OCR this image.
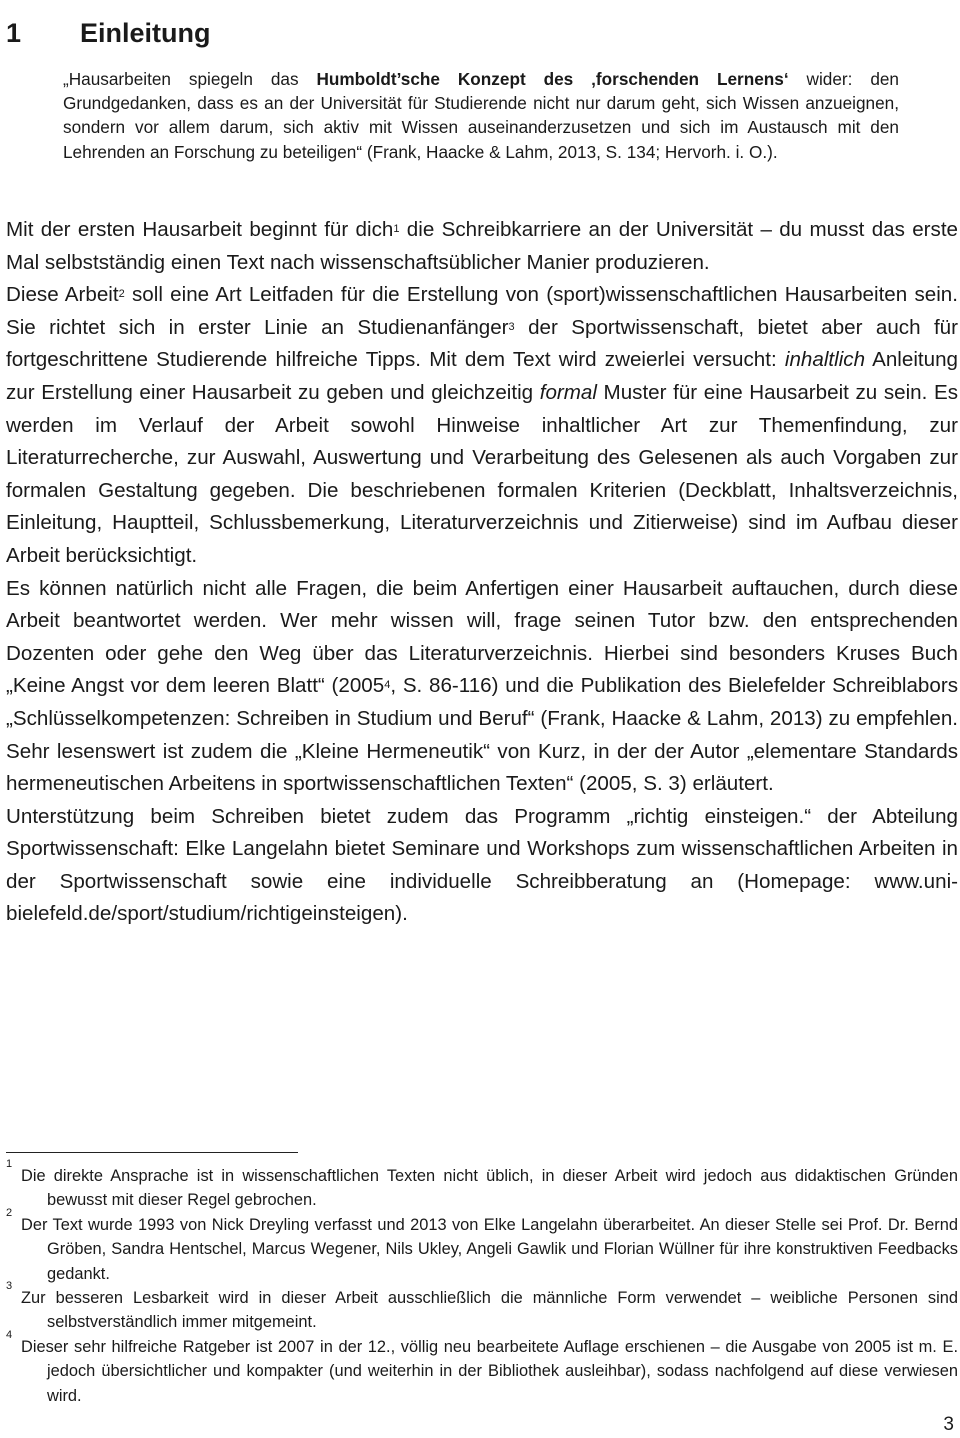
1 Einleitung

„Hausarbeiten spiegeln das Humboldt’sche Konzept des ‚forschenden Lernens‘ wider: den Grundgedanken, dass es an der Universität für Studierende nicht nur darum geht, sich Wissen anzueignen, sondern vor allem darum, sich aktiv mit Wissen auseinanderzusetzen und sich im Austausch mit den Lehrenden an Forschung zu beteiligen“ (Frank, Haacke & Lahm, 2013, S. 134; Hervorh. i. O.).

Mit der ersten Hausarbeit beginnt für dich$^1$ die Schreibkarriere an der Universität – du musst das erste Mal selbstständig einen Text nach wissenschaftsüblicher Manier produzieren.

Diese Arbeit$^2$ soll eine Art Leitfaden für die Erstellung von (sport)wissenschaftlichen Hausarbeiten sein. Sie richtet sich in erster Linie an Studienanfänger$^3$ der Sportwissenschaft, bietet aber auch für fortgeschrittene Studierende hilfreiche Tipps. Mit dem Text wird zweierlei versucht: inhaltlich Anleitung zur Erstellung einer Hausarbeit zu geben und gleichzeitig formal Muster für eine Hausarbeit zu sein. Es werden im Verlauf der Arbeit sowohl Hinweise inhaltlicher Art zur Themenfindung, zur Literaturrecherche, zur Auswahl, Auswertung und Verarbeitung des Gelesenen als auch Vorgaben zur formalen Gestaltung gegeben. Die beschriebenen formalen Kriterien (Deckblatt, Inhaltsverzeichnis, Einleitung, Hauptteil, Schlussbemerkung, Literaturverzeichnis und Zitierweise) sind im Aufbau dieser Arbeit berücksichtigt.

Es können natürlich nicht alle Fragen, die beim Anfertigen einer Hausarbeit auftauchen, durch diese Arbeit beantwortet werden. Wer mehr wissen will, frage seinen Tutor bzw. den entsprechenden Dozenten oder gehe den Weg über das Literaturverzeichnis. Hierbei sind besonders Kruses Buch „Keine Angst vor dem leeren Blatt“ (2005$^4$, S. 86-116) und die Publikation des Bielefelder Schreiblabors „Schlüsselkompetenzen: Schreiben in Studium und Beruf“ (Frank, Haacke & Lahm, 2013) zu empfehlen. Sehr lesenswert ist zudem die „Kleine Hermeneutik“ von Kurz, in der der Autor „elementare Standards hermeneutischen Arbeitens in sportwissenschaftlichen Texten“ (2005, S. 3) erläutert.

Unterstützung beim Schreiben bietet zudem das Programm „richtig einsteigen.“ der Abteilung Sportwissenschaft: Elke Langelahn bietet Seminare und Workshops zum wissenschaftlichen Arbeiten in der Sportwissenschaft sowie eine individuelle Schreibberatung an (Homepage: www.uni-bielefeld.de/sport/studium/richtigeinsteigen).

1
Die direkte Ansprache ist in wissenschaftlichen Texten nicht üblich, in dieser Arbeit wird jedoch aus didaktischen Gründen bewusst mit dieser Regel gebrochen.
2
Der Text wurde 1993 von Nick Dreyling verfasst und 2013 von Elke Langelahn überarbeitet. An dieser Stelle sei Prof. Dr. Bernd Gröben, Sandra Hentschel, Marcus Wegener, Nils Ukley, Angeli Gawlik und Florian Wüllner für ihre konstruktiven Feedbacks gedankt.
3
Zur besseren Lesbarkeit wird in dieser Arbeit ausschließlich die männliche Form verwendet – weibliche Personen sind selbstverständlich immer mitgemeint.
4
Dieser sehr hilfreiche Ratgeber ist 2007 in der 12., völlig neu bearbeitete Auflage erschienen – die Ausgabe von 2005 ist m. E. jedoch übersichtlicher und kompakter (und weiterhin in der Bibliothek ausleihbar), sodass nachfolgend auf diese verwiesen wird.
3
